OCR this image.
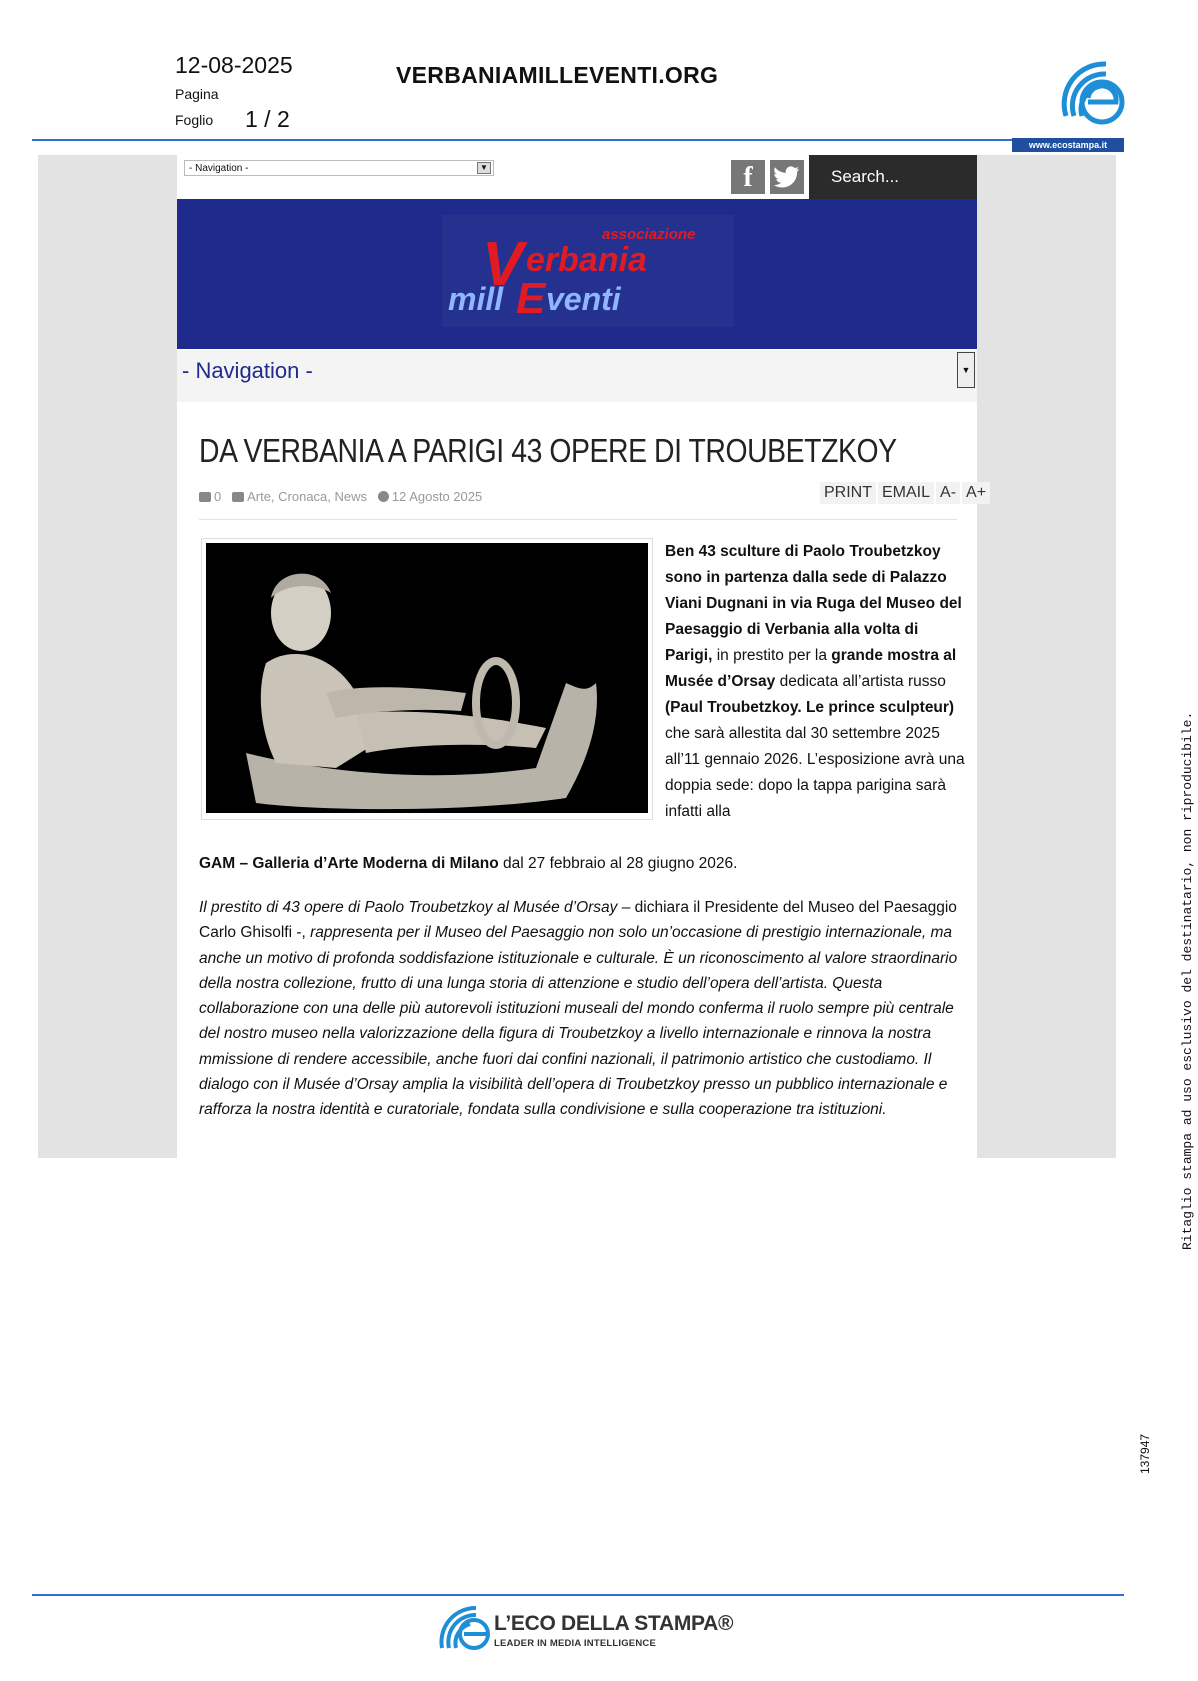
12-08-2025
Pagina
Foglio 1 / 2
VERBANIAMILLEVENTI.ORG
www.ecostampa.it
- Navigation -	▼	f	Search...
associazione
V erbania
mill E venti
- Navigation -	▼
DA VERBANIA A PARIGI 43 OPERE DI TROUBETZKOY
0 Arte, Cronaca, News 12 Agosto 2025	PRINT EMAIL A- A+
Ben 43 sculture di Paolo Troubetzkoy sono in partenza dalla sede di Palazzo Viani Dugnani in via Ruga del Museo del Paesaggio di Verbania alla volta di Parigi, in prestito per la grande mostra al Musée d’Orsay dedicata all’artista russo (Paul Troubetzkoy. Le prince sculpteur) che sarà allestita dal 30 settembre 2025 all’11 gennaio 2026. L’esposizione avrà una doppia sede: dopo la tappa parigina sarà infatti alla
GAM – Galleria d’Arte Moderna di Milano dal 27 febbraio al 28 giugno 2026.
Il prestito di 43 opere di Paolo Troubetzkoy al Musée d’Orsay – dichiara il Presidente del Museo del Paesaggio Carlo Ghisolfi -, rappresenta per il Museo del Paesaggio non solo un’occasione di prestigio internazionale, ma anche un motivo di profonda soddisfazione istituzionale e culturale. È un riconoscimento al valore straordinario della nostra collezione, frutto di una lunga storia di attenzione e studio dell’opera dell’artista. Questa collaborazione con una delle più autorevoli istituzioni museali del mondo conferma il ruolo sempre più centrale del nostro museo nella valorizzazione della figura di Troubetzkoy a livello internazionale e rinnova la nostra mmissione di rendere accessibile, anche fuori dai confini nazionali, il patrimonio artistico che custodiamo. Il dialogo con il Musée d’Orsay amplia la visibilità dell’opera di Troubetzkoy presso un pubblico internazionale e rafforza la nostra identità e curatoriale, fondata sulla condivisione e sulla cooperazione tra istituzioni.	Ritaglio stampa ad uso esclusivo del destinatario, non riproducibile.
137947
L’ECO DELLA STAMPA®
LEADER IN MEDIA INTELLIGENCE
